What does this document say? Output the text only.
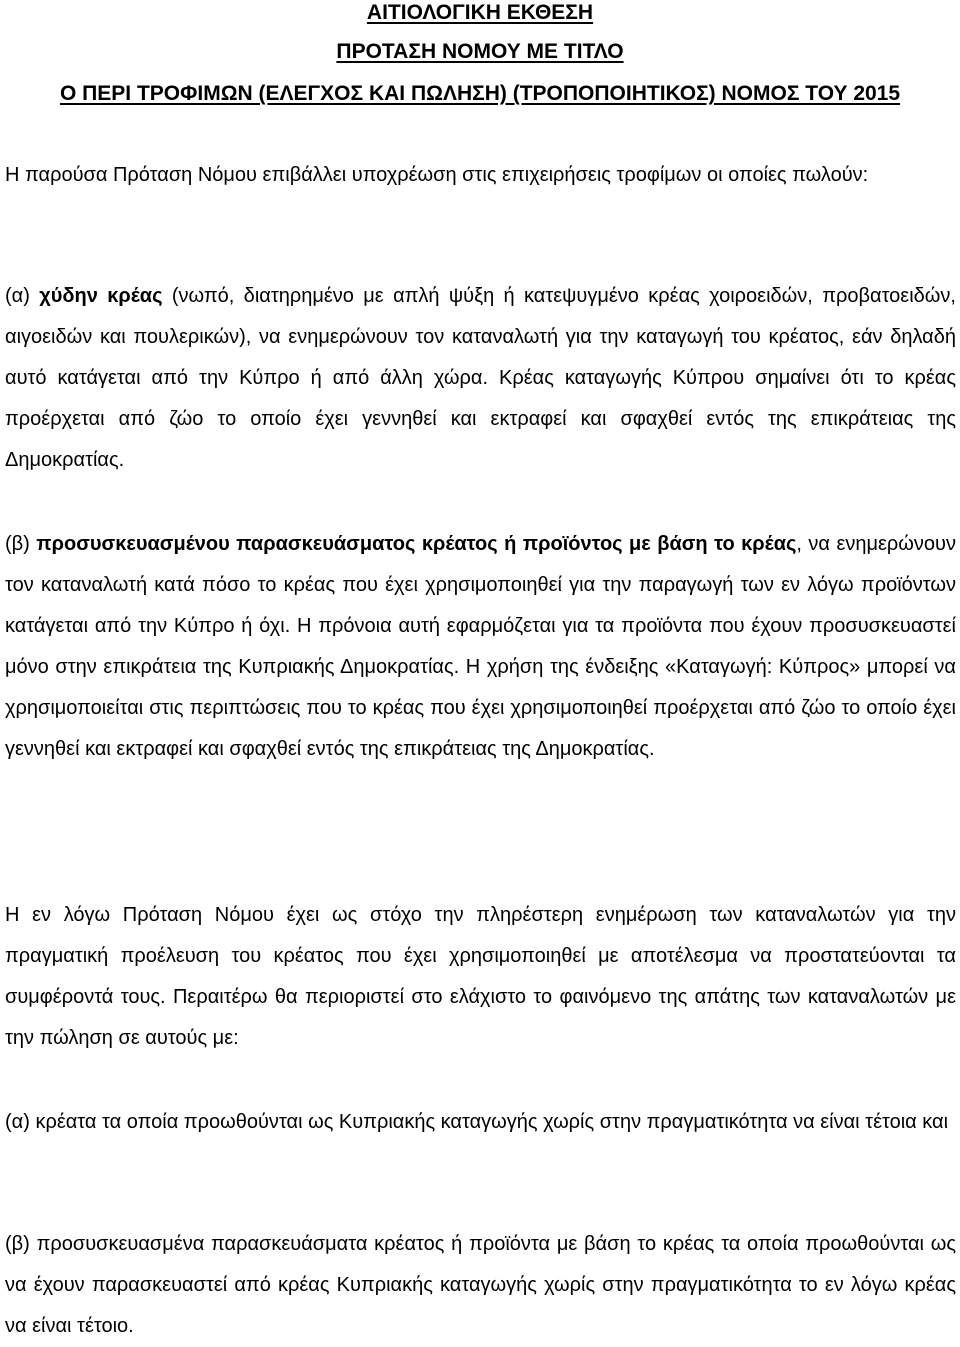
ΑΙΤΙΟΛΟΓΙΚΗ ΕΚΘΕΣΗ
ΠΡΟΤΑΣΗ ΝΟΜΟΥ ΜΕ ΤΙΤΛΟ
Ο ΠΕΡΙ ΤΡΟΦΙΜΩΝ (ΕΛΕΓΧΟΣ ΚΑΙ ΠΩΛΗΣΗ) (ΤΡΟΠΟΠΟΙΗΤΙΚΟΣ) ΝΟΜΟΣ ΤΟΥ 2015

Η παρούσα Πρόταση Νόμου επιβάλλει υποχρέωση στις επιχειρήσεις τροφίμων οι οποίες πωλούν:

(α) χύδην κρέας (νωπό, διατηρημένο με απλή ψύξη ή κατεψυγμένο κρέας χοιροειδών, προβατοειδών, αιγοειδών και πουλερικών), να ενημερώνουν τον καταναλωτή για την καταγωγή του κρέατος, εάν δηλαδή αυτό κατάγεται από την Κύπρο ή από άλλη χώρα. Κρέας καταγωγής Κύπρου σημαίνει ότι το κρέας προέρχεται από ζώο το οποίο έχει γεννηθεί και εκτραφεί και σφαχθεί εντός της επικράτειας της Δημοκρατίας.

(β) προσυσκευασμένου παρασκευάσματος κρέατος ή προϊόντος με βάση το κρέας, να ενημερώνουν τον καταναλωτή κατά πόσο το κρέας που έχει χρησιμοποιηθεί για την παραγωγή των εν λόγω προϊόντων κατάγεται από την Κύπρο ή όχι. Η πρόνοια αυτή εφαρμόζεται για τα προϊόντα που έχουν προσυσκευαστεί μόνο στην επικράτεια της Κυπριακής Δημοκρατίας. Η χρήση της ένδειξης «Καταγωγή: Κύπρος» μπορεί να χρησιμοποιείται στις περιπτώσεις που το κρέας που έχει χρησιμοποιηθεί προέρχεται από ζώο το οποίο έχει γεννηθεί και εκτραφεί και σφαχθεί εντός της επικράτειας της Δημοκρατίας.

Η εν λόγω Πρόταση Νόμου έχει ως στόχο την πληρέστερη ενημέρωση των καταναλωτών για την πραγματική προέλευση του κρέατος που έχει χρησιμοποιηθεί με αποτέλεσμα να προστατεύονται τα συμφέροντά τους. Περαιτέρω θα περιοριστεί στο ελάχιστο το φαινόμενο της απάτης των καταναλωτών με την πώληση σε αυτούς με:

(α) κρέατα τα οποία προωθούνται ως Κυπριακής καταγωγής χωρίς στην πραγματικότητα να είναι τέτοια και

(β) προσυσκευασμένα παρασκευάσματα κρέατος ή προϊόντα με βάση το κρέας τα οποία προωθούνται ως να έχουν παρασκευαστεί από κρέας Κυπριακής καταγωγής χωρίς στην πραγματικότητα το εν λόγω κρέας να είναι τέτοιο.
